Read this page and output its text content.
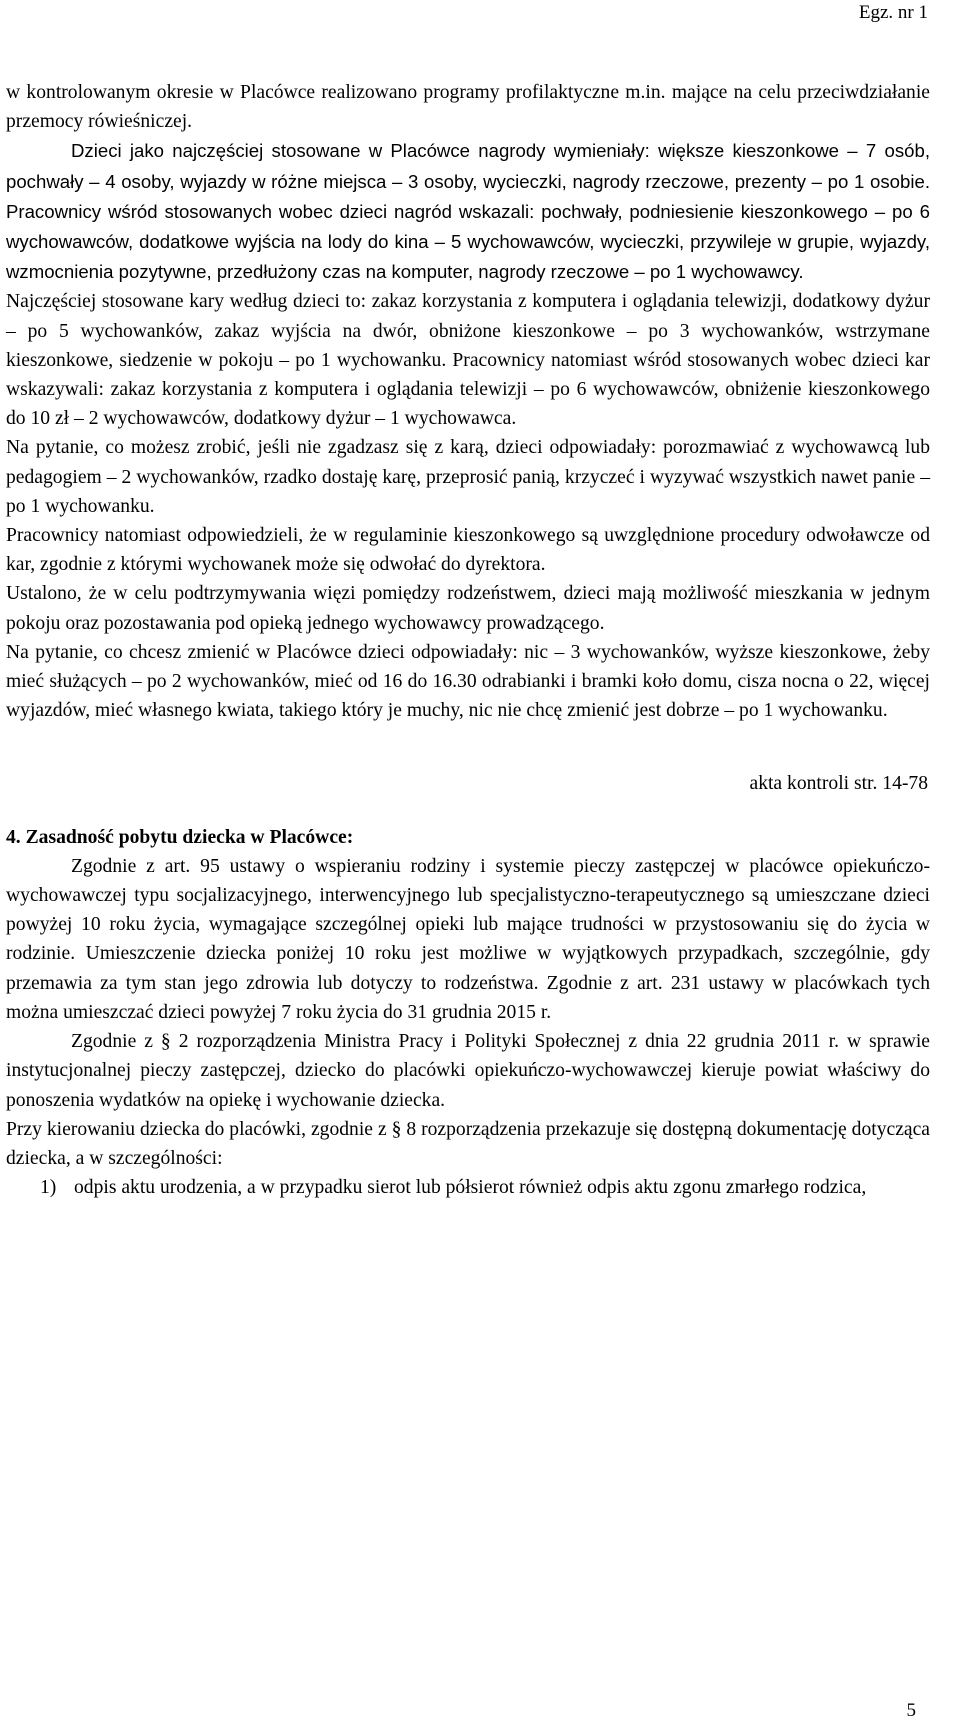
Egz. nr 1

w kontrolowanym okresie w Placówce realizowano programy profilaktyczne m.in. mające na celu przeciwdziałanie przemocy rówieśniczej.

Dzieci jako najczęściej stosowane w Placówce nagrody wymieniały: większe kieszonkowe – 7 osób, pochwały – 4 osoby, wyjazdy w różne miejsca – 3 osoby, wycieczki, nagrody rzeczowe, prezenty – po 1 osobie. Pracownicy wśród stosowanych wobec dzieci nagród wskazali: pochwały, podniesienie kieszonkowego – po 6 wychowawców, dodatkowe wyjścia na lody do kina – 5 wychowawców, wycieczki, przywileje w grupie, wyjazdy, wzmocnienia pozytywne, przedłużony czas na komputer, nagrody rzeczowe – po 1 wychowawcy.

Najczęściej stosowane kary według dzieci to: zakaz korzystania z komputera i oglądania telewizji, dodatkowy dyżur – po 5 wychowanków, zakaz wyjścia na dwór, obniżone kieszonkowe – po 3 wychowanków, wstrzymane kieszonkowe, siedzenie w pokoju – po 1 wychowanku. Pracownicy natomiast wśród stosowanych wobec dzieci kar wskazywali: zakaz korzystania z komputera i oglądania telewizji – po 6 wychowawców, obniżenie kieszonkowego do 10 zł – 2 wychowawców, dodatkowy dyżur – 1 wychowawca.

Na pytanie, co możesz zrobić, jeśli nie zgadzasz się z karą, dzieci odpowiadały: porozmawiać z wychowawcą lub pedagogiem – 2 wychowanków, rzadko dostaję karę, przeprosić panią, krzyczeć i wyzywać wszystkich nawet panie – po 1 wychowanku.

Pracownicy natomiast odpowiedzieli, że w regulaminie kieszonkowego są uwzględnione procedury odwoławcze od kar, zgodnie z którymi wychowanek może się odwołać do dyrektora.

Ustalono, że w celu podtrzymywania więzi pomiędzy rodzeństwem, dzieci mają możliwość mieszkania w jednym pokoju oraz pozostawania pod opieką jednego wychowawcy prowadzącego.

Na pytanie, co chcesz zmienić w Placówce dzieci odpowiadały: nic – 3 wychowanków, wyższe kieszonkowe, żeby mieć służących – po 2 wychowanków, mieć od 16 do 16.30 odrabianki i bramki koło domu, cisza nocna o 22, więcej wyjazdów, mieć własnego kwiata, takiego który je muchy, nic nie chcę zmienić jest dobrze – po 1 wychowanku.

akta kontroli str. 14-78

4. Zasadność pobytu dziecka w Placówce:

Zgodnie z art. 95 ustawy o wspieraniu rodziny i systemie pieczy zastępczej w placówce opiekuńczo-wychowawczej typu socjalizacyjnego, interwencyjnego lub specjalistyczno-terapeutycznego są umieszczane dzieci powyżej 10 roku życia, wymagające szczególnej opieki lub mające trudności w przystosowaniu się do życia w rodzinie. Umieszczenie dziecka poniżej 10 roku jest możliwe w wyjątkowych przypadkach, szczególnie, gdy przemawia za tym stan jego zdrowia lub dotyczy to rodzeństwa. Zgodnie z art. 231 ustawy w placówkach tych można umieszczać dzieci powyżej 7 roku życia do 31 grudnia 2015 r.

Zgodnie z § 2 rozporządzenia Ministra Pracy i Polityki Społecznej z dnia 22 grudnia 2011 r. w sprawie instytucjonalnej pieczy zastępczej, dziecko do placówki opiekuńczo-wychowawczej kieruje powiat właściwy do ponoszenia wydatków na opiekę i wychowanie dziecka.

Przy kierowaniu dziecka do placówki, zgodnie z § 8 rozporządzenia przekazuje się dostępną dokumentację dotycząca dziecka, a w szczególności:

1) odpis aktu urodzenia, a w przypadku sierot lub półsierot również odpis aktu zgonu zmarłego rodzica,
5
